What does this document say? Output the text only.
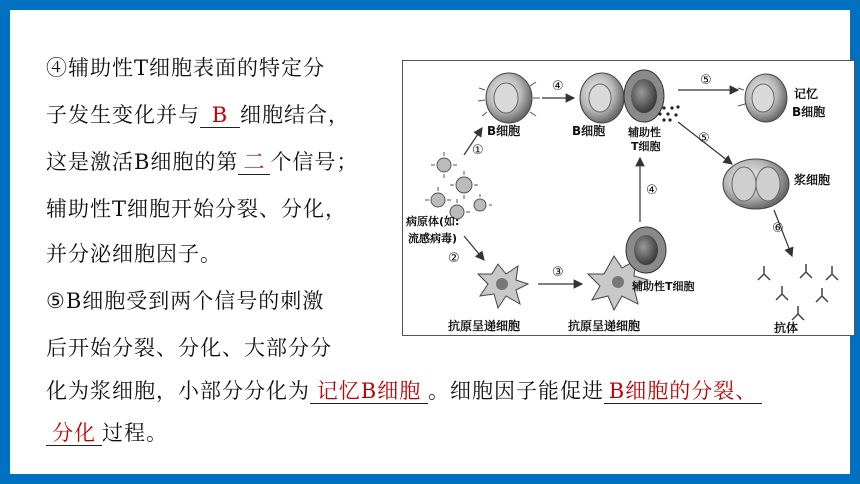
④辅助性T细胞表面的特定分
子发生变化并与 B 细胞结合，
这是激活B细胞的第 二 个信号；
辅助性T细胞开始分裂、分化，
并分泌细胞因子。
⑤B细胞受到两个信号的刺激
后开始分裂、分化、大部分分
化为浆细胞，小部分分化为 记忆B细胞 。细胞因子能促进 B细胞的分裂、
分化 过程。
B细胞	B细胞 辅助性
T细胞
记忆
B细胞
浆细胞
病原体(如:
流感病毒)
抗原呈递细胞
辅助性T细胞
抗原呈递细胞	抗体
①
④	⑤
⑤
④
⑥
②
③
